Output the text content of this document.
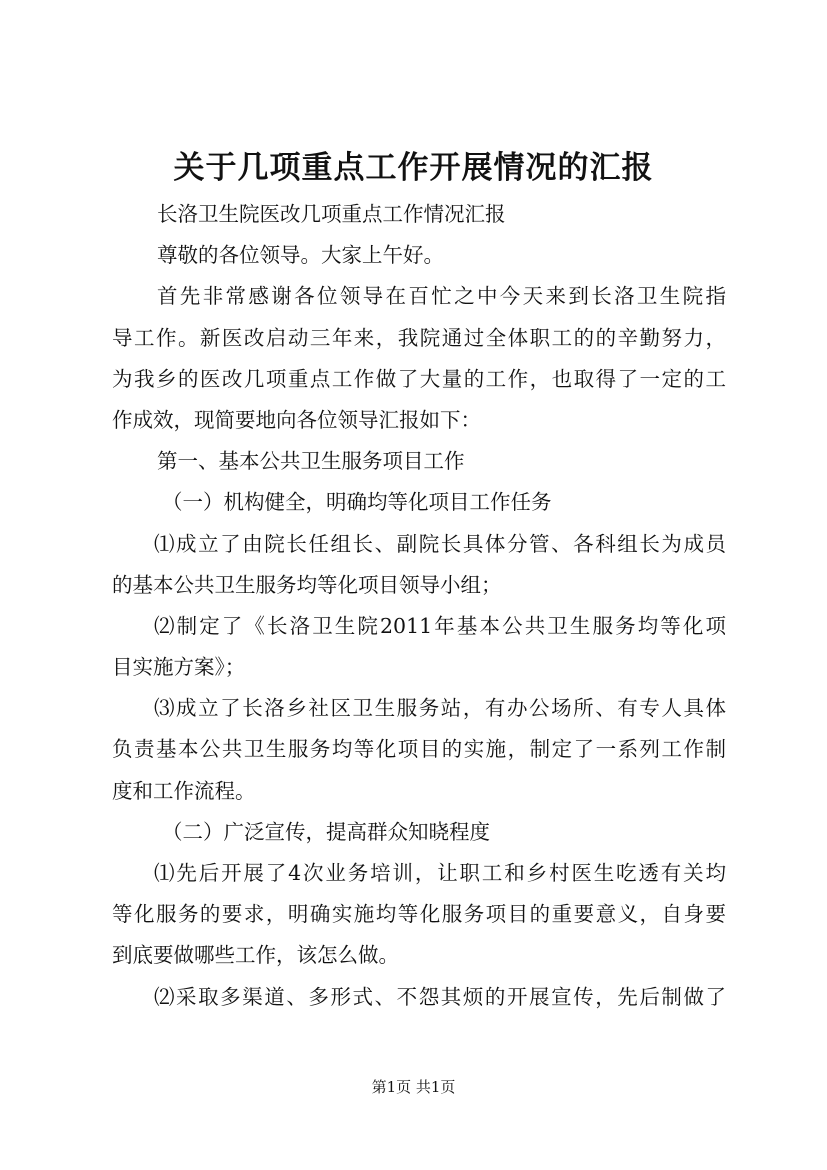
关于几项重点工作开展情况的汇报
长洛卫生院医改几项重点工作情况汇报
尊敬的各位领导。大家上午好。
首先非常感谢各位领导在百忙之中今天来到长洛卫生院指
导工作。新医改启动三年来，我院通过全体职工的的辛勤努力，
为我乡的医改几项重点工作做了大量的工作，也取得了一定的工
作成效，现简要地向各位领导汇报如下：
第一、基本公共卫生服务项目工作
（一）机构健全，明确均等化项目工作任务
⑴成立了由院长任组长、副院长具体分管、各科组长为成员
的基本公共卫生服务均等化项目领导小组；
⑵制定了《长洛卫生院2011年基本公共卫生服务均等化项
目实施方案》；
⑶成立了长洛乡社区卫生服务站，有办公场所、有专人具体
负责基本公共卫生服务均等化项目的实施，制定了一系列工作制
度和工作流程。
（二）广泛宣传，提高群众知晓程度
⑴先后开展了4次业务培训，让职工和乡村医生吃透有关均
等化服务的要求，明确实施均等化服务项目的重要意义，自身要
到底要做哪些工作，该怎么做。
⑵采取多渠道、多形式、不怨其烦的开展宣传，先后制做了
第1页 共1页
